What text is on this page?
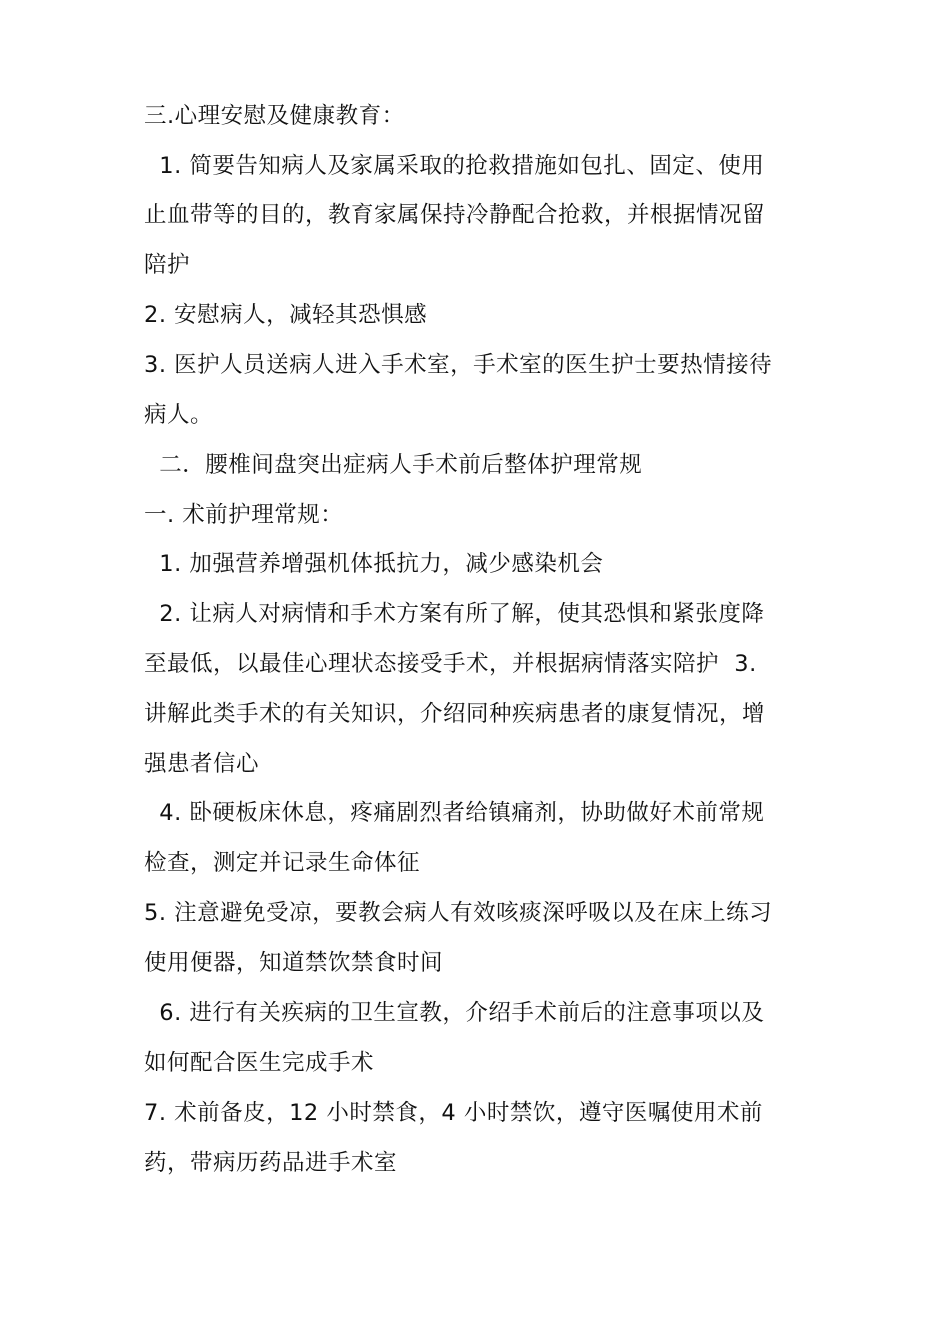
三.心理安慰及健康教育：
1. 简要告知病人及家属采取的抢救措施如包扎、固定、使用
止血带等的目的，教育家属保持冷静配合抢救，并根据情况留
陪护
2. 安慰病人，减轻其恐惧感
3. 医护人员送病人进入手术室，手术室的医生护士要热情接待
病人。
二．腰椎间盘突出症病人手术前后整体护理常规
一. 术前护理常规：
1. 加强营养增强机体抵抗力，减少感染机会
2. 让病人对病情和手术方案有所了解，使其恐惧和紧张度降
至最低，以最佳心理状态接受手术，并根据病情落实陪护  3.
讲解此类手术的有关知识，介绍同种疾病患者的康复情况，增
强患者信心
4. 卧硬板床休息，疼痛剧烈者给镇痛剂，协助做好术前常规
检查，测定并记录生命体征
5. 注意避免受凉，要教会病人有效咳痰深呼吸以及在床上练习
使用便器，知道禁饮禁食时间
6. 进行有关疾病的卫生宣教，介绍手术前后的注意事项以及
如何配合医生完成手术
7. 术前备皮，12 小时禁食，4 小时禁饮，遵守医嘱使用术前
药，带病历药品进手术室
